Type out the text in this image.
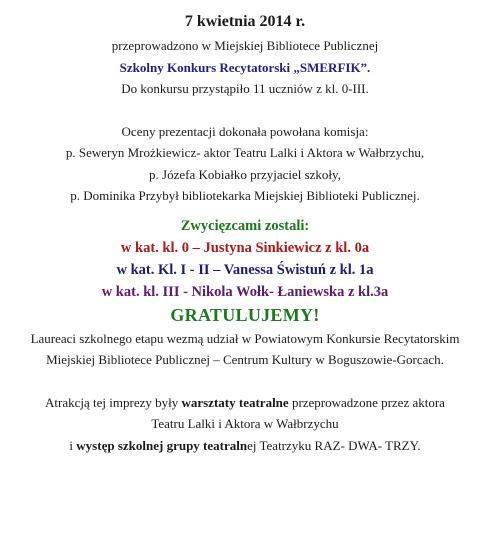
7 kwietnia 2014 r.
przeprowadzono w Miejskiej Bibliotece Publicznej
Szkolny Konkurs Recytatorski „SMERFIK”.
Do konkursu przystąpiło 11 uczniów z kl. 0-III.
Oceny prezentacji dokonała powołana komisja:
p. Seweryn Mrożkiewicz- aktor Teatru Lalki i Aktora w Wałbrzychu,
p. Józefa Kobiałko przyjaciel szkoły,
p. Dominika Przybył bibliotekarka Miejskiej Biblioteki Publicznej.
Zwycięzcami zostali:
w kat. kl. 0 – Justyna Sinkiewicz z kl. 0a
w kat. Kl. I - II – Vanessa Świstuń z kl. 1a
w kat. kl. III - Nikola Wołk- Łaniewska z kl.3a
GRATULUJEMY!
Laureaci szkolnego etapu wezmą udział w Powiatowym Konkursie Recytatorskim
Miejskiej Bibliotece Publicznej – Centrum Kultury w Boguszowie-Gorcach.
Atrakcją tej imprezy były warsztaty teatralne przeprowadzone przez aktora
Teatru Lalki i Aktora w Wałbrzychu
i występ szkolnej grupy teatralnej Teatrzyku RAZ- DWA- TRZY.
